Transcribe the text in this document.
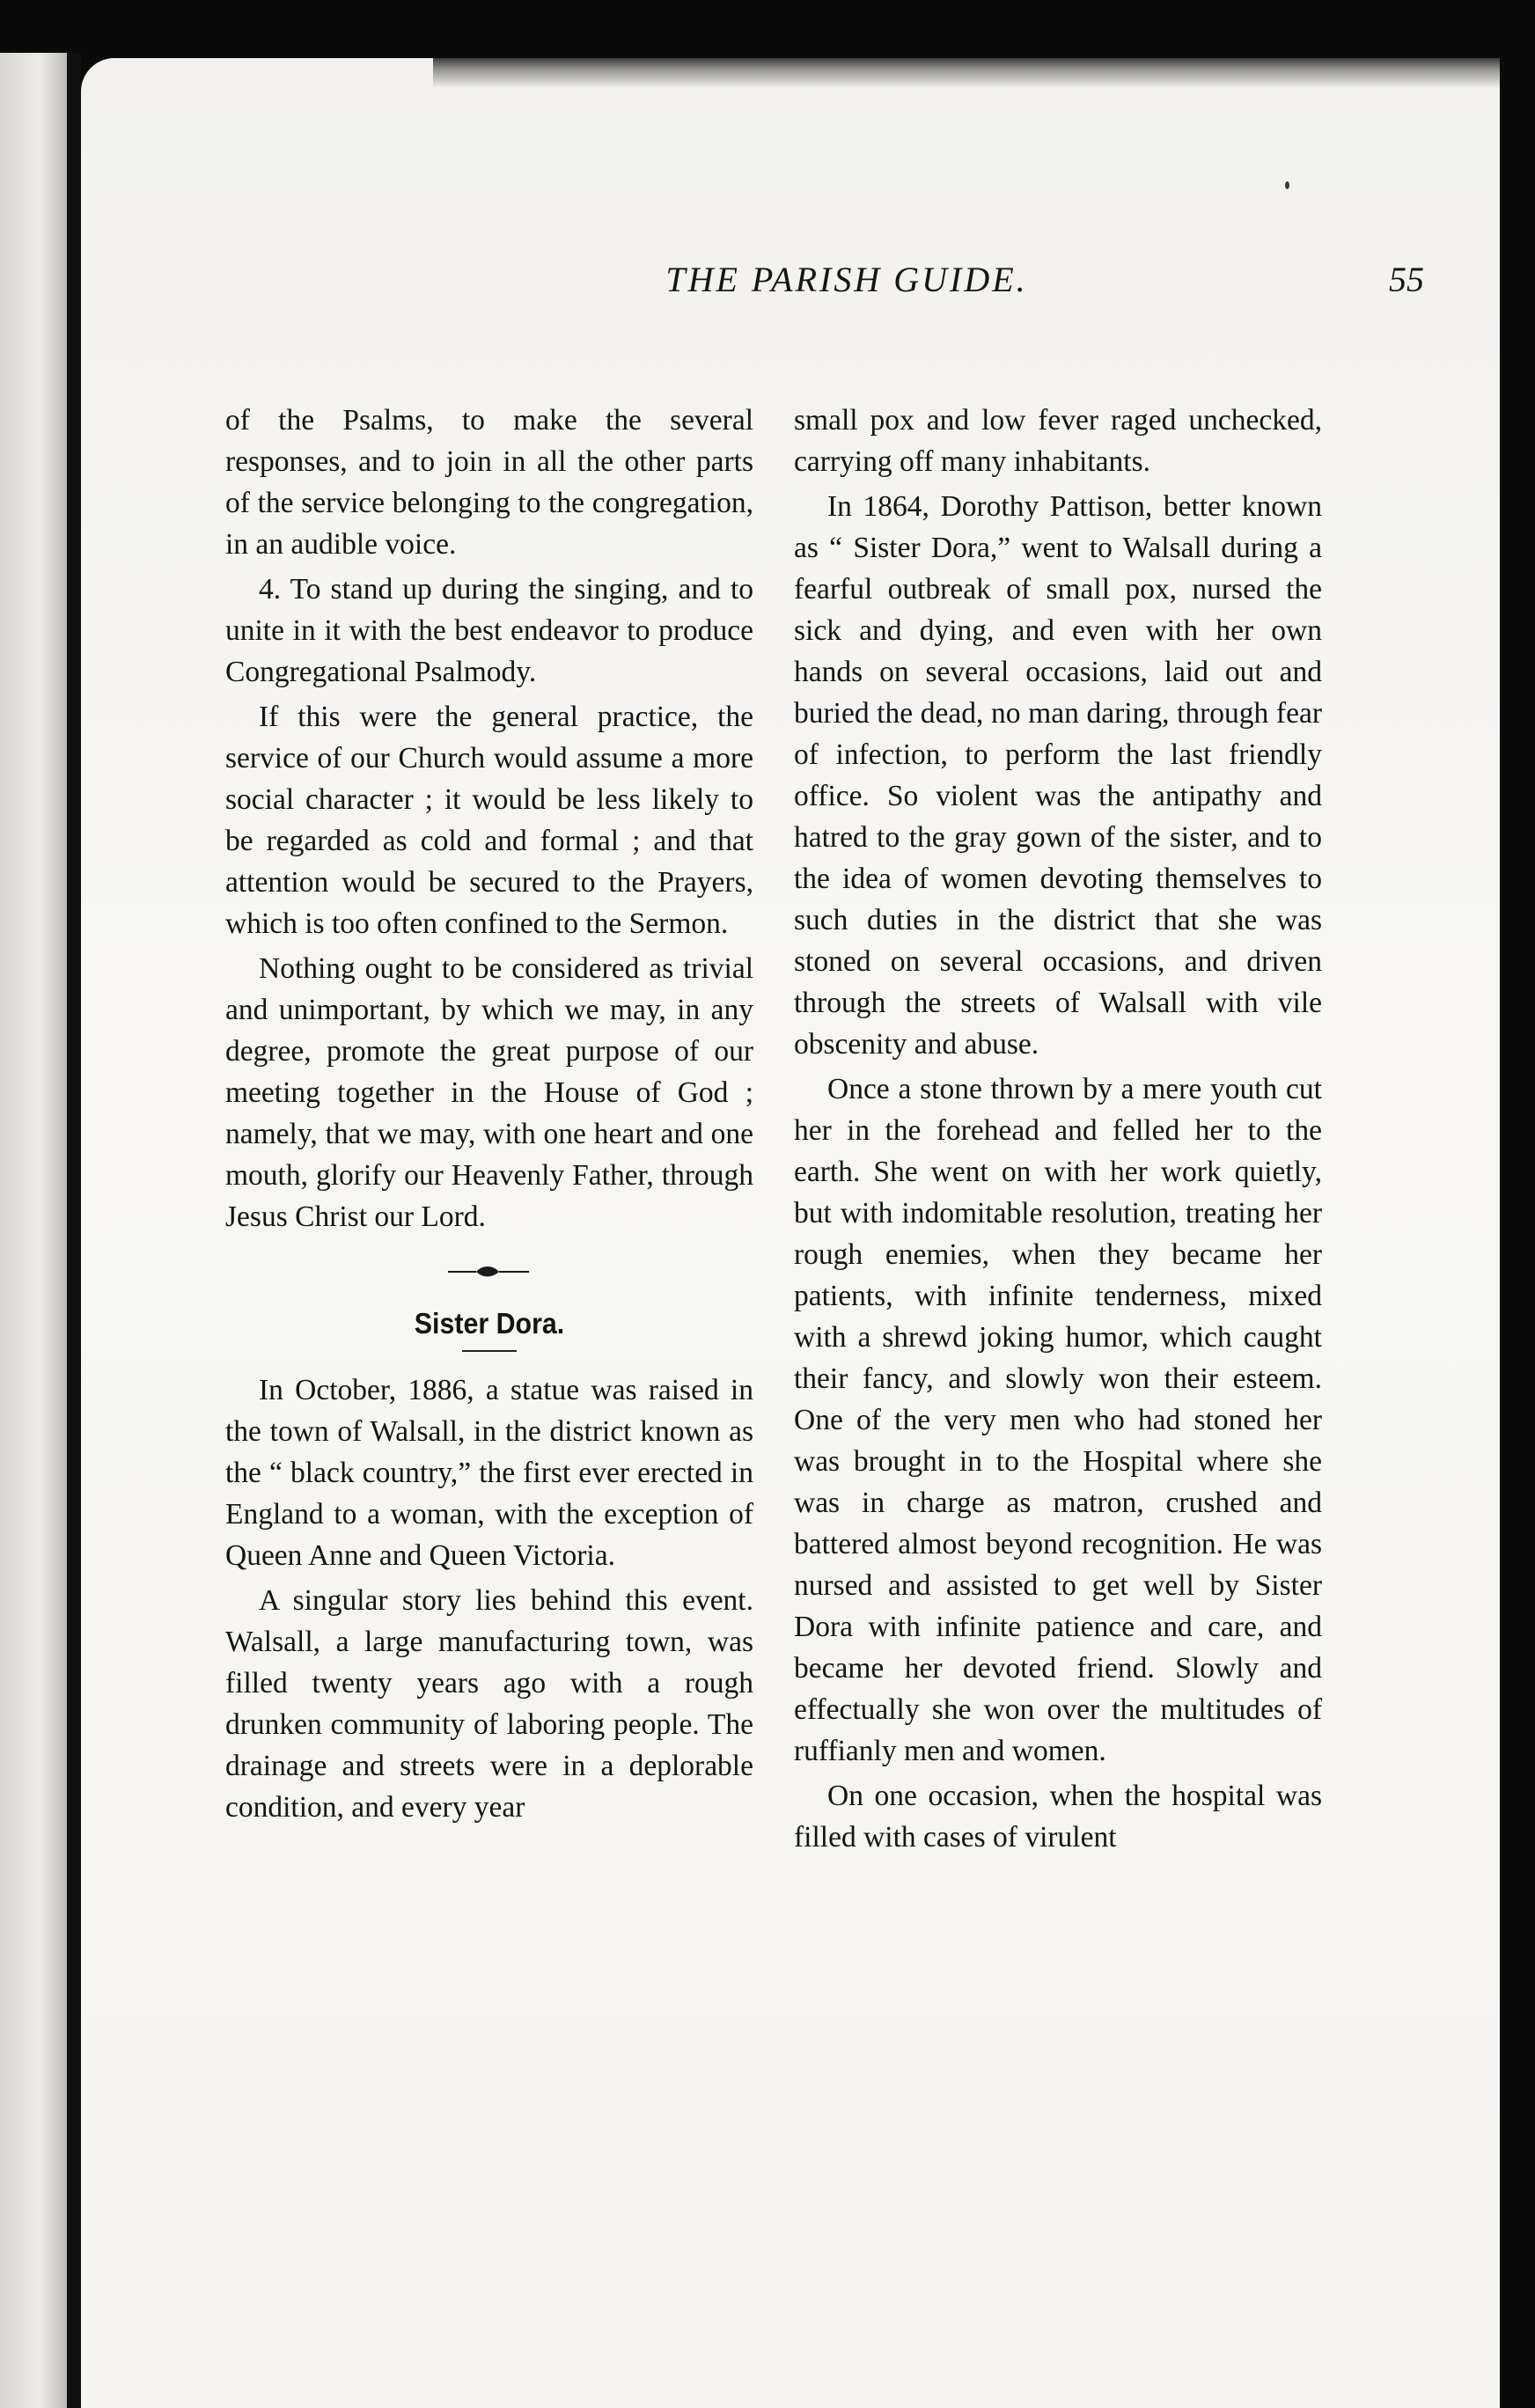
THE PARISH GUIDE.	55

of the Psalms, to make the several responses, and to join in all the other parts of the service belonging to the congregation, in an audible voice.

4. To stand up during the singing, and to unite in it with the best endeavor to produce Congregational Psalmody.

If this were the general practice, the service of our Church would assume a more social character ; it would be less likely to be regarded as cold and formal ; and that attention would be secured to the Prayers, which is too often confined to the Sermon.

Nothing ought to be considered as trivial and unimportant, by which we may, in any degree, promote the great purpose of our meeting together in the House of God ; namely, that we may, with one heart and one mouth, glorify our Heavenly Father, through Jesus Christ our Lord.

Sister Dora.

In October, 1886, a statue was raised in the town of Walsall, in the district known as the “ black country,” the first ever erected in England to a woman, with the exception of Queen Anne and Queen Victoria.

A singular story lies behind this event. Walsall, a large manufacturing town, was filled twenty years ago with a rough drunken community of laboring people. The drainage and streets were in a deplorable condition, and every year

small pox and low fever raged unchecked, carrying off many inhabitants.

In 1864, Dorothy Pattison, better known as “ Sister Dora,” went to Walsall during a fearful outbreak of small pox, nursed the sick and dying, and even with her own hands on several occasions, laid out and buried the dead, no man daring, through fear of infection, to perform the last friendly office. So violent was the antipathy and hatred to the gray gown of the sister, and to the idea of women devoting themselves to such duties in the district that she was stoned on several occasions, and driven through the streets of Walsall with vile obscenity and abuse.

Once a stone thrown by a mere youth cut her in the forehead and felled her to the earth. She went on with her work quietly, but with indomitable resolution, treating her rough enemies, when they became her patients, with infinite tenderness, mixed with a shrewd joking humor, which caught their fancy, and slowly won their esteem. One of the very men who had stoned her was brought in to the Hospital where she was in charge as matron, crushed and battered almost beyond recognition. He was nursed and assisted to get well by Sister Dora with infinite patience and care, and became her devoted friend. Slowly and effectually she won over the multitudes of ruffianly men and women.

On one occasion, when the hospital was filled with cases of virulent
